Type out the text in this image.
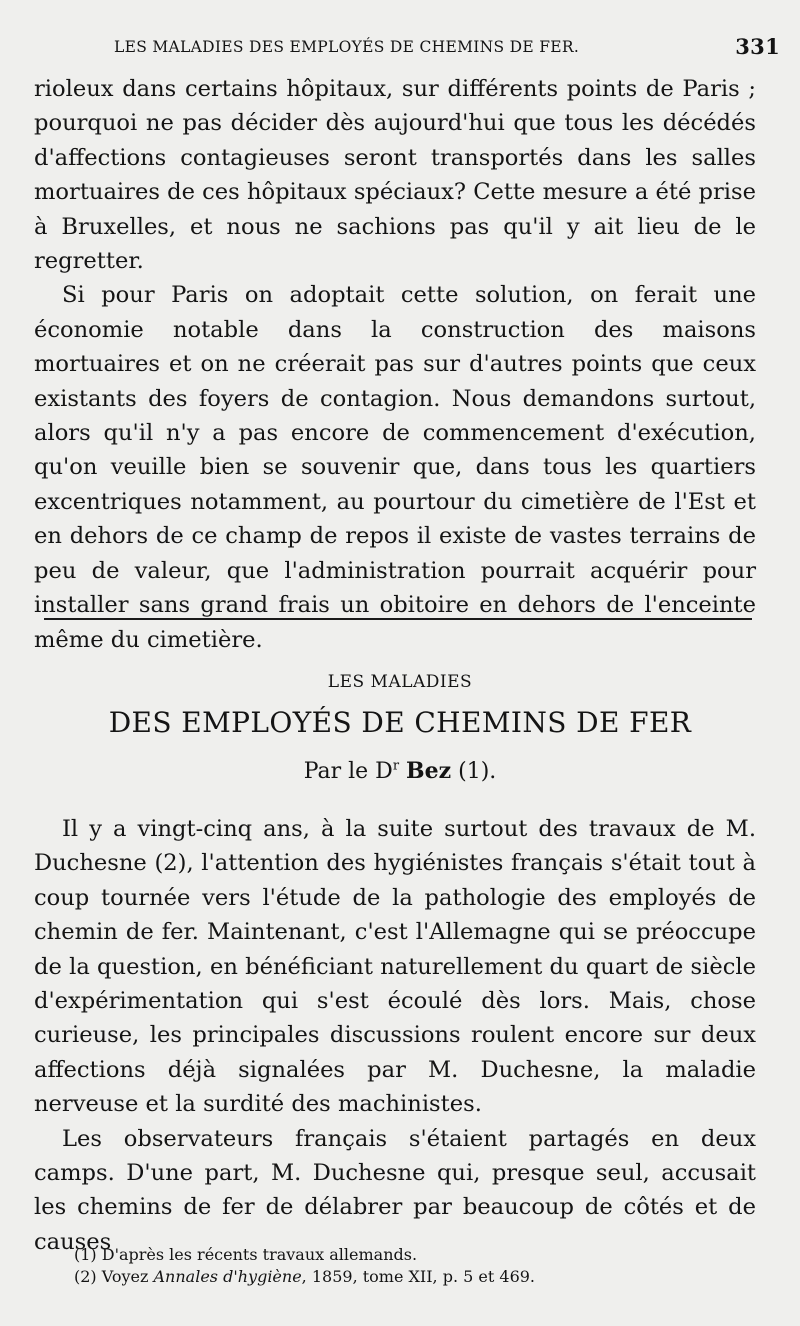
LES MALADIES DES EMPLOYÉS DE CHEMINS DE FER.	331

rioleux dans certains hôpitaux, sur différents points de Paris ; pourquoi ne pas décider dès aujourd'hui que tous les décédés d'affections contagieuses seront transportés dans les salles mortuaires de ces hôpitaux spéciaux? Cette mesure a été prise à Bruxelles, et nous ne sachions pas qu'il y ait lieu de le regretter.

Si pour Paris on adoptait cette solution, on ferait une économie notable dans la construction des maisons mortuaires et on ne créerait pas sur d'autres points que ceux existants des foyers de contagion. Nous demandons surtout, alors qu'il n'y a pas encore de commencement d'exécution, qu'on veuille bien se souvenir que, dans tous les quartiers excentriques notamment, au pourtour du cimetière de l'Est et en dehors de ce champ de repos il existe de vastes terrains de peu de valeur, que l'administration pourrait acquérir pour installer sans grand frais un obitoire en dehors de l'enceinte même du cimetière.

LES MALADIES
DES EMPLOYÉS DE CHEMINS DE FER
Par le $D^r$ Bez (1).

Il y a vingt-cinq ans, à la suite surtout des travaux de M. Duchesne (2), l'attention des hygiénistes français s'était tout à coup tournée vers l'étude de la pathologie des employés de chemin de fer. Maintenant, c'est l'Allemagne qui se préoccupe de la question, en bénéficiant naturellement du quart de siècle d'expérimentation qui s'est écoulé dès lors. Mais, chose curieuse, les principales discussions roulent encore sur deux affections déjà signalées par M. Duchesne, la maladie nerveuse et la surdité des machinistes.

Les observateurs français s'étaient partagés en deux camps. D'une part, M. Duchesne qui, presque seul, accusait les chemins de fer de délabrer par beaucoup de côtés et de causes

(1) D'après les récents travaux allemands.
(2) Voyez Annales d'hygiène, 1859, tome XII, p. 5 et 469.
